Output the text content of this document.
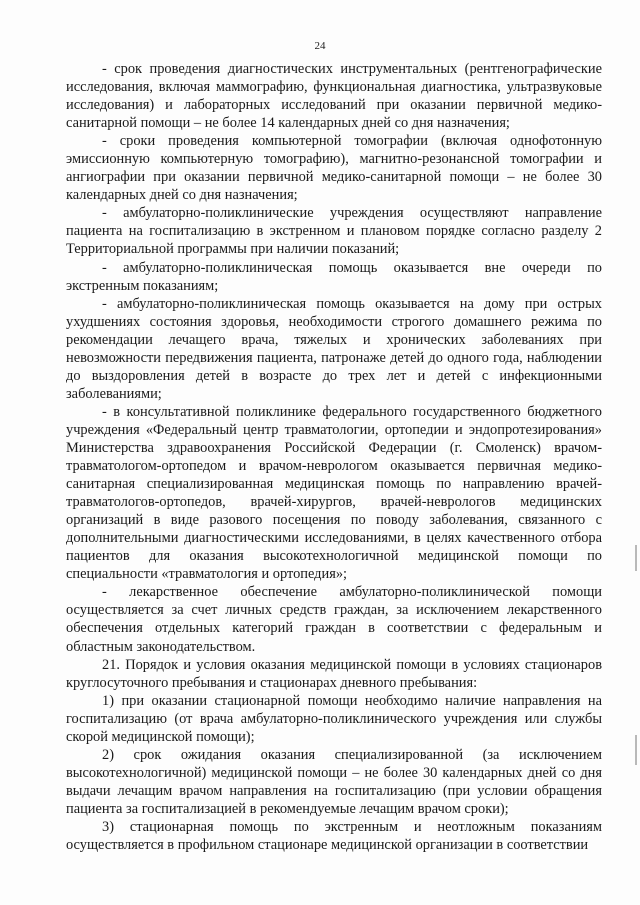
24

- срок проведения диагностических инструментальных (рентгенографические исследования, включая маммографию, функциональная диагностика, ультразвуковые исследования) и лабораторных исследований при оказании первичной медико-санитарной помощи – не более 14 календарных дней со дня назначения;

- сроки проведения компьютерной томографии (включая однофотонную эмиссионную компьютерную томографию), магнитно-резонансной томографии и ангиографии при оказании первичной медико-санитарной помощи – не более 30 календарных дней со дня назначения;

- амбулаторно-поликлинические учреждения осуществляют направление пациента на госпитализацию в экстренном и плановом порядке согласно разделу 2 Территориальной программы при наличии показаний;

- амбулаторно-поликлиническая помощь оказывается вне очереди по экстренным показаниям;

- амбулаторно-поликлиническая помощь оказывается на дому при острых ухудшениях состояния здоровья, необходимости строгого домашнего режима по рекомендации лечащего врача, тяжелых и хронических заболеваниях при невозможности передвижения пациента, патронаже детей до одного года, наблюдении до выздоровления детей в возрасте до трех лет и детей с инфекционными заболеваниями;

- в консультативной поликлинике федерального государственного бюджетного учреждения «Федеральный центр травматологии, ортопедии и эндопротезирования» Министерства здравоохранения Российской Федерации (г. Смоленск) врачом-травматологом-ортопедом и врачом-неврологом оказывается первичная медико-санитарная специализированная медицинская помощь по направлению врачей-травматологов-ортопедов, врачей-хирургов, врачей-неврологов медицинских организаций в виде разового посещения по поводу заболевания, связанного с дополнительными диагностическими исследованиями, в целях качественного отбора пациентов для оказания высокотехнологичной медицинской помощи по специальности «травматология и ортопедия»;

- лекарственное обеспечение амбулаторно-поликлинической помощи осуществляется за счет личных средств граждан, за исключением лекарственного обеспечения отдельных категорий граждан в соответствии с федеральным и областным законодательством.

21. Порядок и условия оказания медицинской помощи в условиях стационаров круглосуточного пребывания и стационарах дневного пребывания:

1) при оказании стационарной помощи необходимо наличие направления на госпитализацию (от врача амбулаторно-поликлинического учреждения или службы скорой медицинской помощи);

2) срок ожидания оказания специализированной (за исключением высокотехнологичной) медицинской помощи – не более 30 календарных дней со дня выдачи лечащим врачом направления на госпитализацию (при условии обращения пациента за госпитализацией в рекомендуемые лечащим врачом сроки);

3) стационарная помощь по экстренным и неотложным показаниям осуществляется в профильном стационаре медицинской организации в соответствии
